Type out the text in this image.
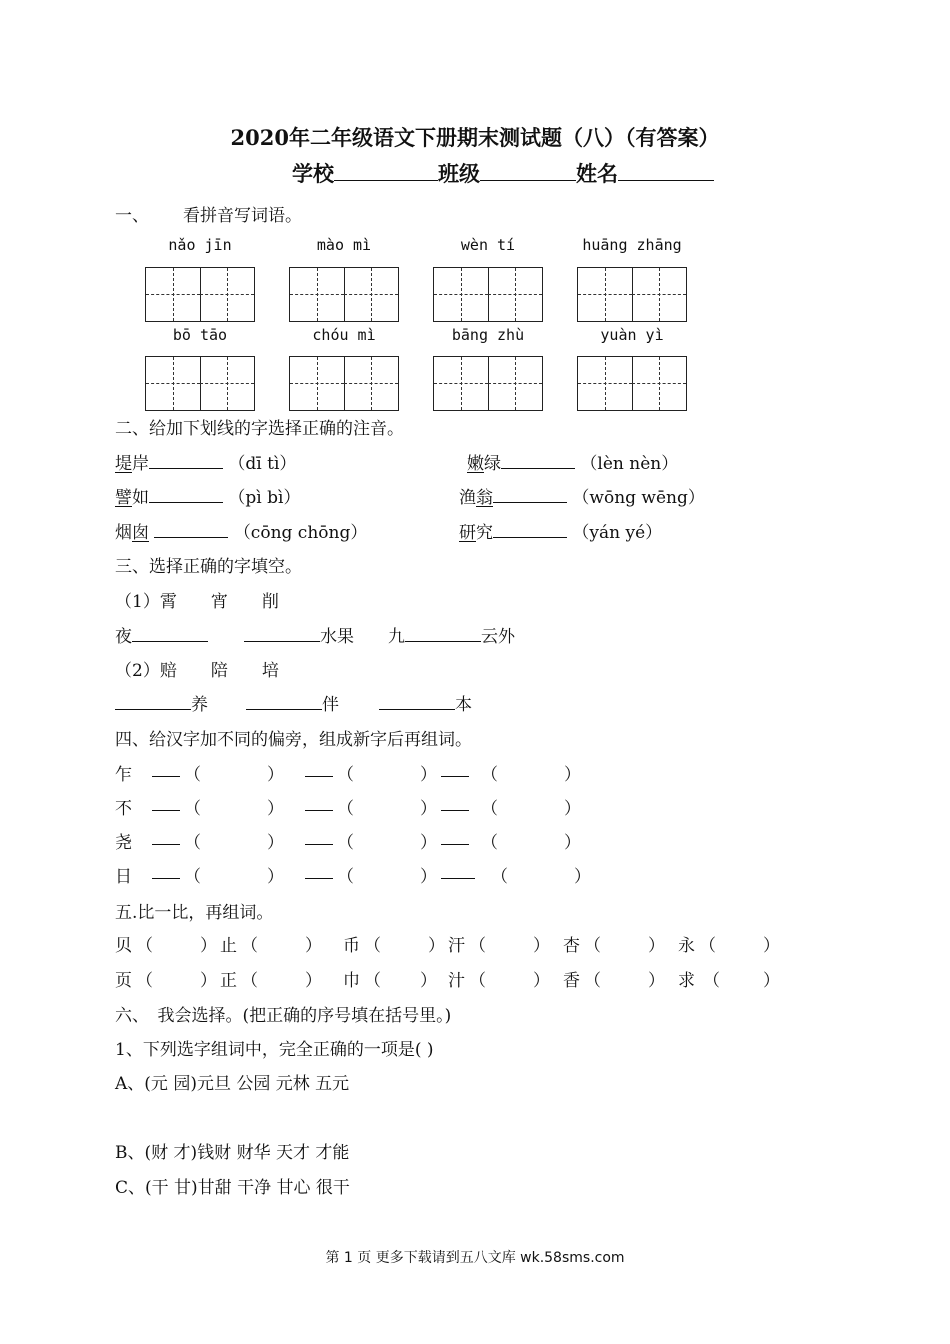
2020年二年级语文下册期末测试题（八）（有答案）
学校	班级	姓名
一、 看拼音写词语。
nǎo jīn	mào mì	wèn tí	huāng zhāng
bō tāo	chóu mì	bāng zhù	yuàn yì
二、给加下划线的字选择正确的注音。
堤岸	（dī tì）	嫩绿	（lèn nèn）
譬如	（pì bì）	渔翁	（wōng wēng）
烟囱	（cōng chōng）	研究	（yán yé）
三、选择正确的字填空。
（1）霄　　宵　　削
夜	水果 九	云外
（2）赔　　陪　　培
养	伴	本
四、给汉字加不同的偏旁，组成新字后再组词。
乍	（	）	（	）	（	）
不	（	）	（	）	（	）
尧	（	）	（	）	（	）
日	（	）	（	）	（	）
五.比一比，再组词。
贝 （	） 止 （	） 币 （	） 汗 （	） 杏 （	） 永 （	）
页 （	） 正 （	） 巾 （ ） 汁 （	） 香 （	） 求 （	）
六、　我会选择。(把正确的序号填在括号里。)
1、下列选字组词中，完全正确的一项是( )
A、(元 园)元旦 公园 元林 五元
B、(财 才)钱财 财华 天才 才能
C、(干 甘)甘甜 干净 甘心 很干
第 1 页 更多下载请到五八文库 wk.58sms.com
